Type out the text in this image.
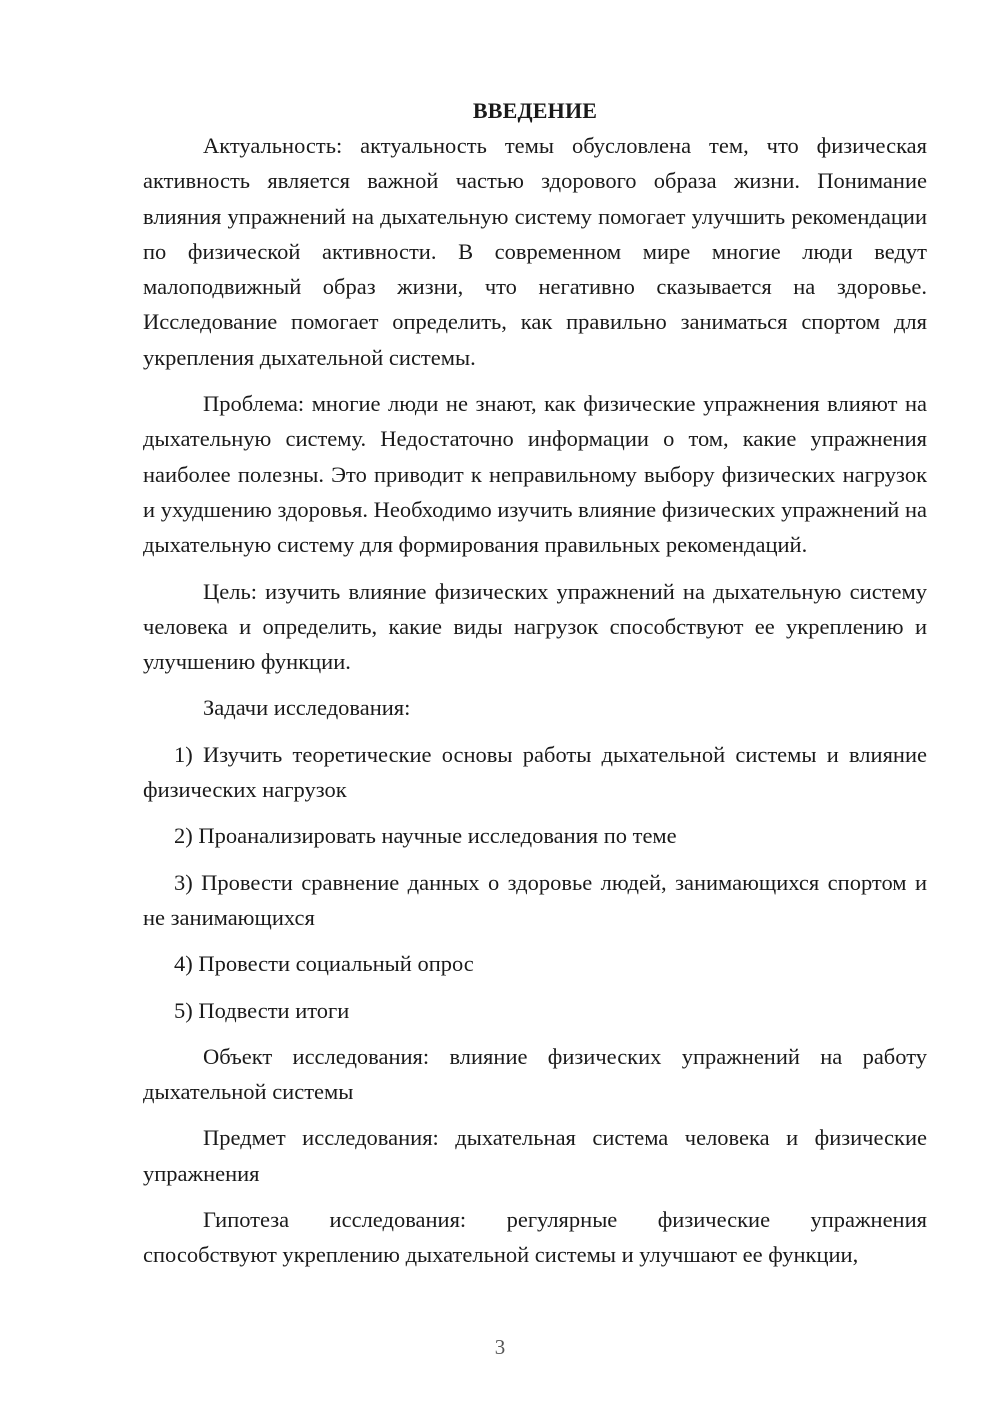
ВВЕДЕНИЕ

Актуальность: актуальность темы обусловлена тем, что физическая активность является важной частью здорового образа жизни. Понимание влияния упражнений на дыхательную систему помогает улучшить рекомендации по физической активности. В современном мире многие люди ведут малоподвижный образ жизни, что негативно сказывается на здоровье. Исследование помогает определить, как правильно заниматься спортом для укрепления дыхательной системы.

Проблема: многие люди не знают, как физические упражнения влияют на дыхательную систему. Недостаточно информации о том, какие упражнения наиболее полезны. Это приводит к неправильному выбору физических нагрузок и ухудшению здоровья. Необходимо изучить влияние физических упражнений на дыхательную систему для формирования правильных рекомендаций.

Цель: изучить влияние физических упражнений на дыхательную систему человека и определить, какие виды нагрузок способствуют ее укреплению и улучшению функции.

Задачи исследования:

1) Изучить теоретические основы работы дыхательной системы и влияние физических нагрузок

2) Проанализировать научные исследования по теме

3) Провести сравнение данных о здоровье людей, занимающихся спортом и не занимающихся

4) Провести социальный опрос

5) Подвести итоги

Объект исследования: влияние физических упражнений на работу дыхательной системы

Предмет исследования: дыхательная система человека и физические упражнения

Гипотеза исследования: регулярные физические упражнения способствуют укреплению дыхательной системы и улучшают ее функции,

3
